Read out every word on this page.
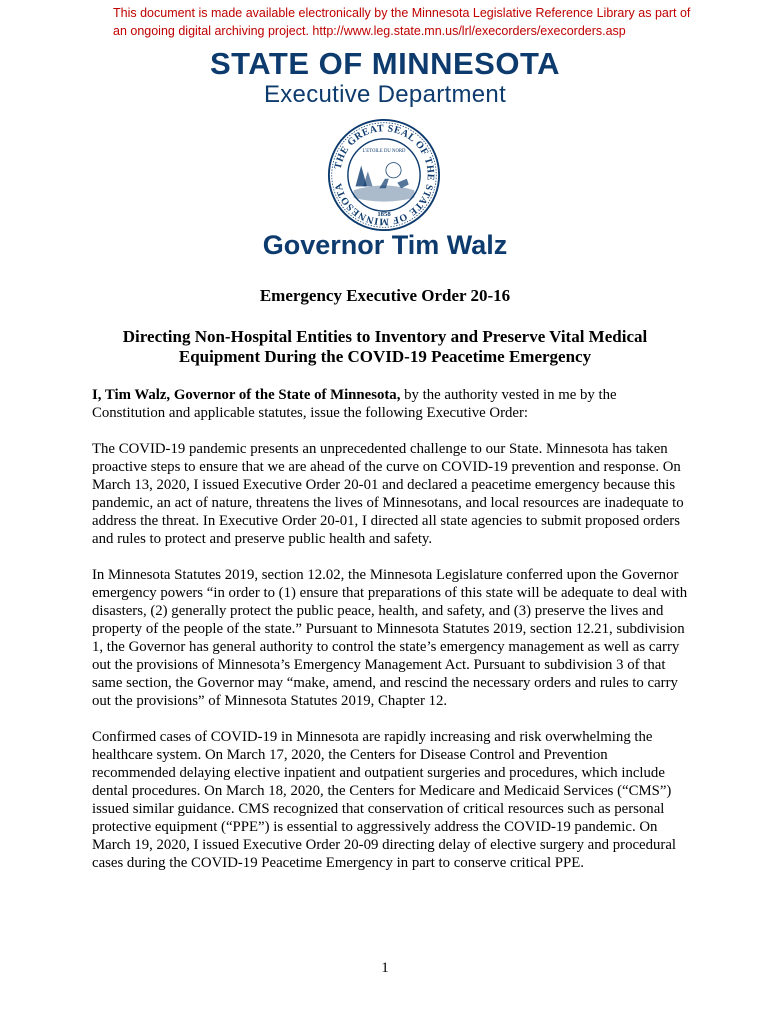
This document is made available electronically by the Minnesota Legislative Reference Library as part of
an ongoing digital archiving project. http://www.leg.state.mn.us/lrl/execorders/execorders.asp
STATE OF MINNESOTA
Executive Department
THE GREAT SEAL OF THE STATE OF MINNESOTA
L'ETOILE DU NORD
1858
Governor Tim Walz
Emergency Executive Order 20-16
Directing Non-Hospital Entities to Inventory and Preserve Vital Medical
Equipment During the COVID-19 Peacetime Emergency

I, Tim Walz, Governor of the State of Minnesota, by the authority vested in me by the Constitution and applicable statutes, issue the following Executive Order:

The COVID-19 pandemic presents an unprecedented challenge to our State. Minnesota has taken proactive steps to ensure that we are ahead of the curve on COVID-19 prevention and response. On March 13, 2020, I issued Executive Order 20-01 and declared a peacetime emergency because this pandemic, an act of nature, threatens the lives of Minnesotans, and local resources are inadequate to address the threat. In Executive Order 20-01, I directed all state agencies to submit proposed orders and rules to protect and preserve public health and safety.

In Minnesota Statutes 2019, section 12.02, the Minnesota Legislature conferred upon the Governor emergency powers “in order to (1) ensure that preparations of this state will be adequate to deal with disasters, (2) generally protect the public peace, health, and safety, and (3) preserve the lives and property of the people of the state.” Pursuant to Minnesota Statutes 2019, section 12.21, subdivision 1, the Governor has general authority to control the state’s emergency management as well as carry out the provisions of Minnesota’s Emergency Management Act. Pursuant to subdivision 3 of that same section, the Governor may “make, amend, and rescind the necessary orders and rules to carry out the provisions” of Minnesota Statutes 2019, Chapter 12.

Confirmed cases of COVID-19 in Minnesota are rapidly increasing and risk overwhelming the healthcare system. On March 17, 2020, the Centers for Disease Control and Prevention recommended delaying elective inpatient and outpatient surgeries and procedures, which include dental procedures. On March 18, 2020, the Centers for Medicare and Medicaid Services (“CMS”) issued similar guidance. CMS recognized that conservation of critical resources such as personal protective equipment (“PPE”) is essential to aggressively address the COVID-19 pandemic. On March 19, 2020, I issued Executive Order 20-09 directing delay of elective surgery and procedural cases during the COVID-19 Peacetime Emergency in part to conserve critical PPE.

1
